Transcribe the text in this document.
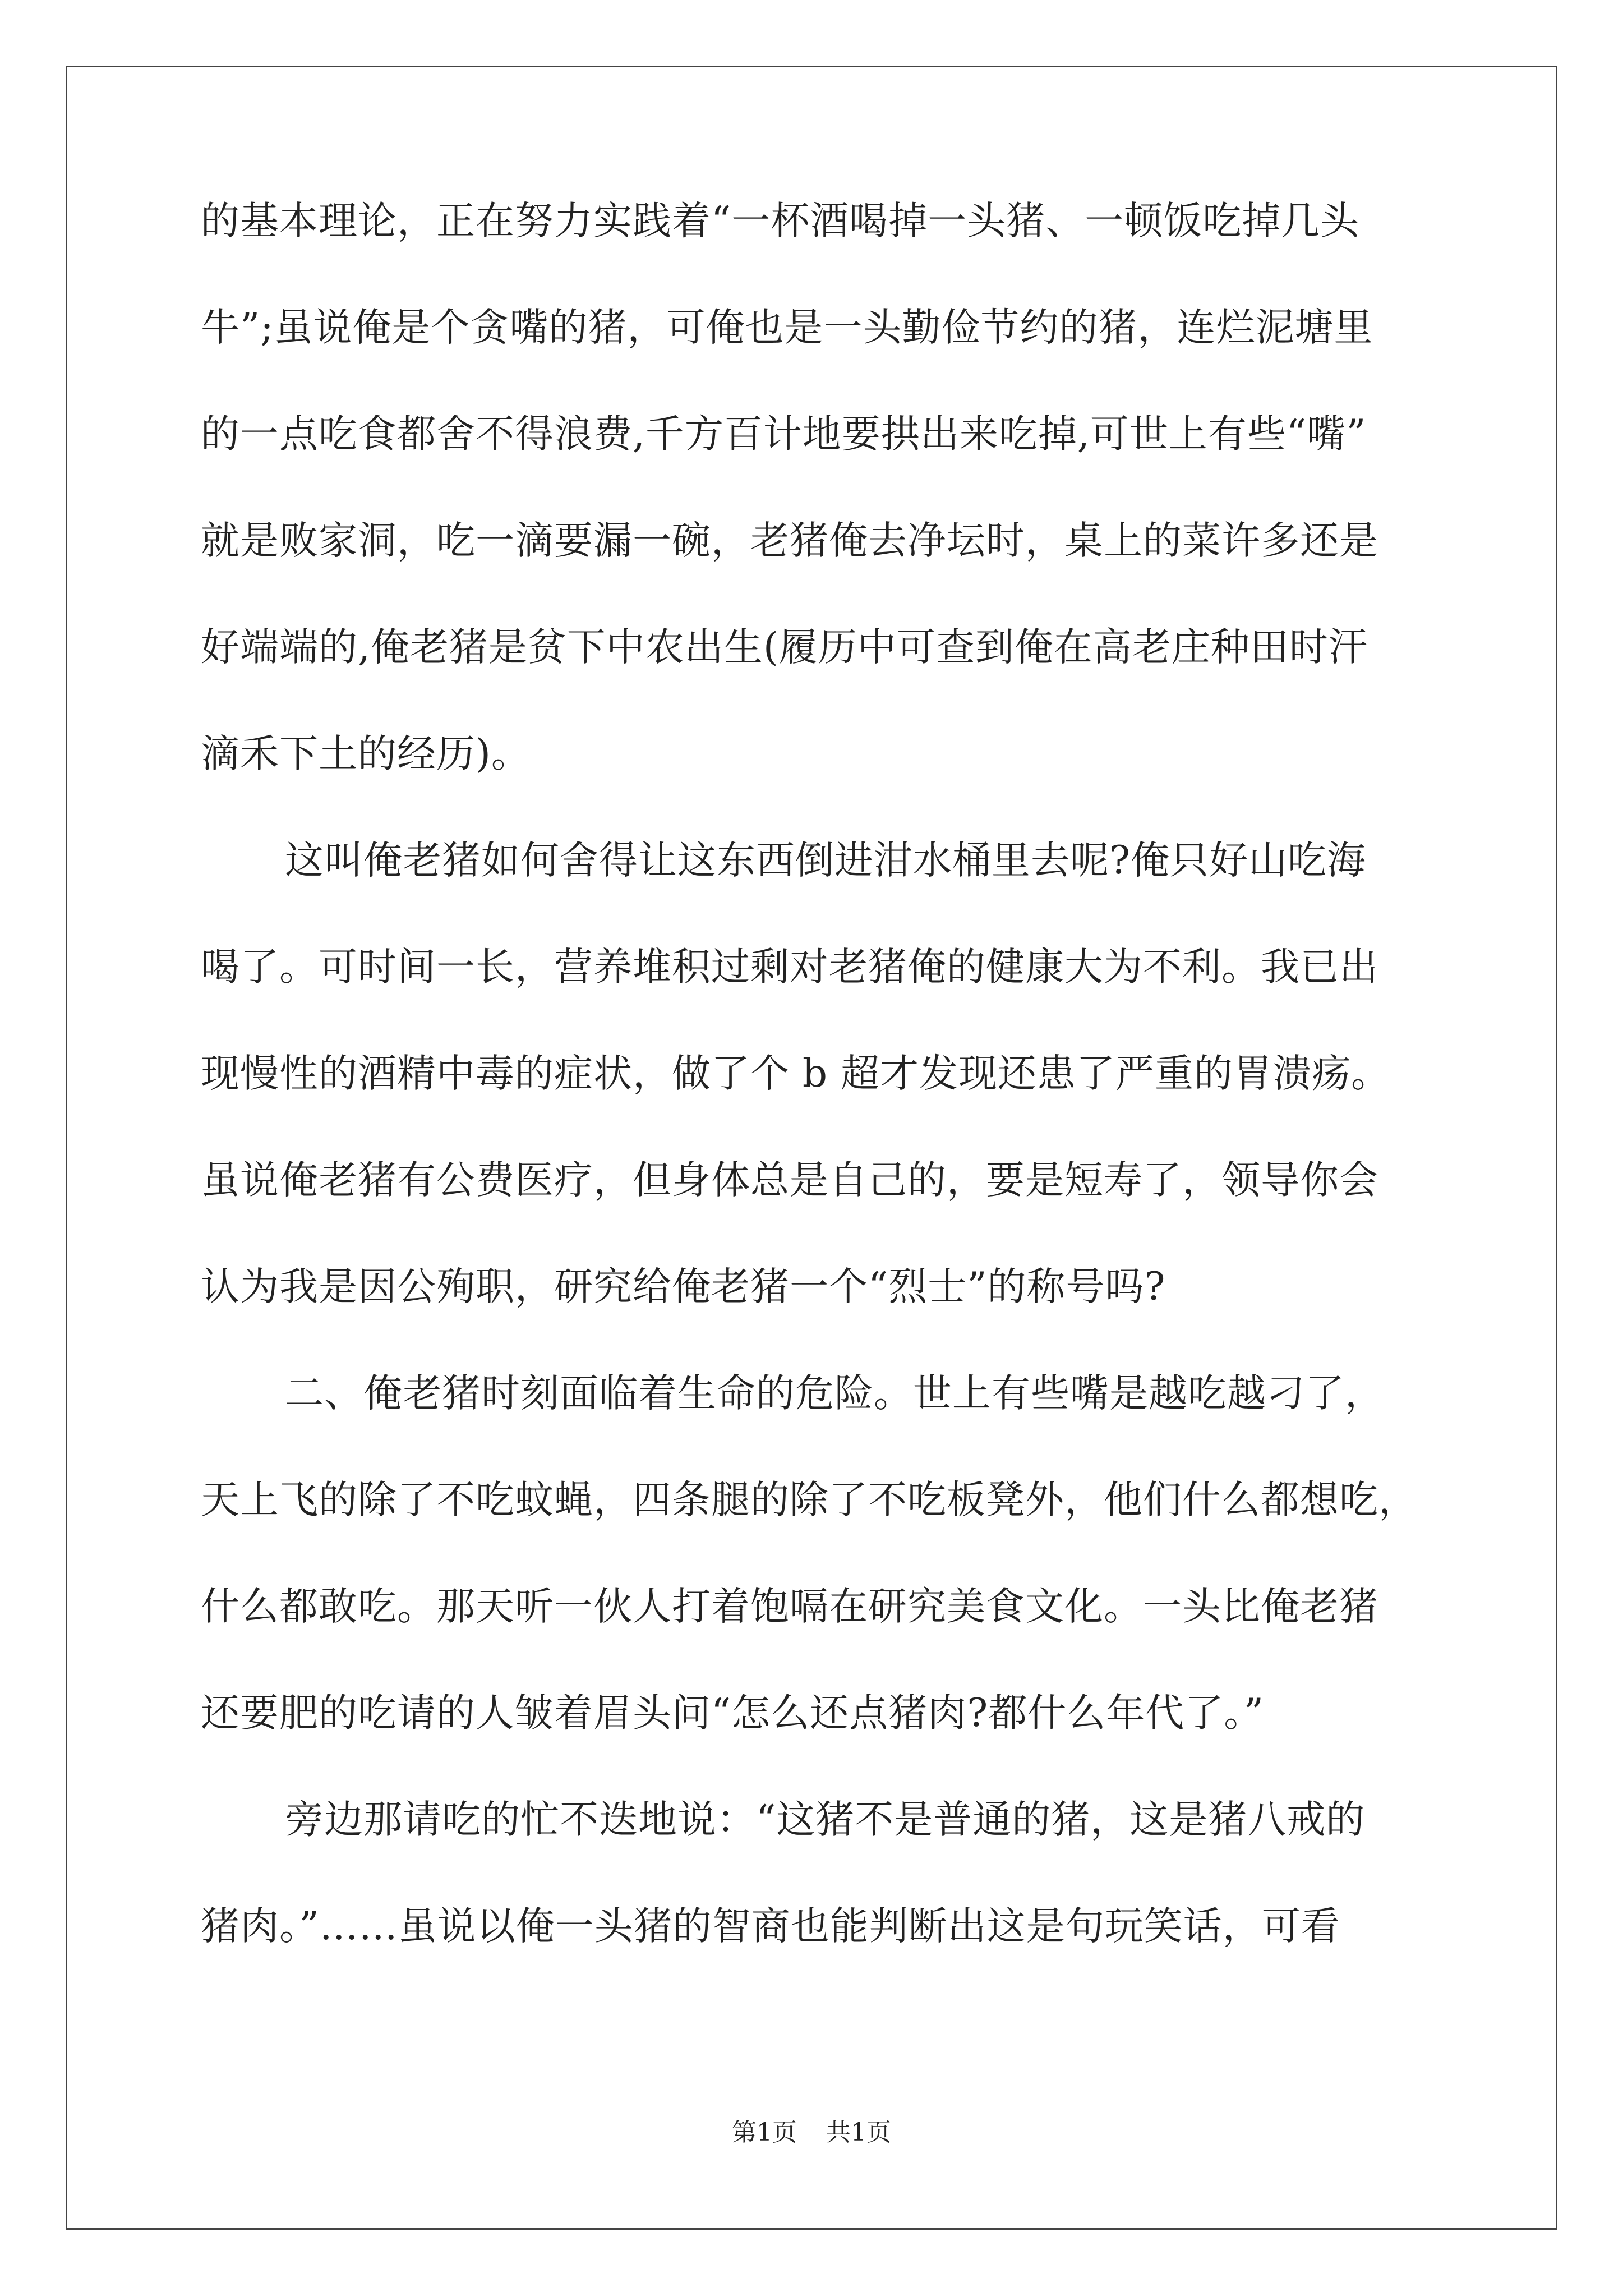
的基本理论，正在努力实践着“一杯酒喝掉一头猪、一顿饭吃掉几头
牛”;虽说俺是个贪嘴的猪，可俺也是一头勤俭节约的猪，连烂泥塘里
的一点吃食都舍不得浪费,千方百计地要拱出来吃掉,可世上有些“嘴”
就是败家洞，吃一滴要漏一碗，老猪俺去净坛时，桌上的菜许多还是
好端端的,俺老猪是贫下中农出生(履历中可查到俺在高老庄种田时汗
滴禾下土的经历)。
这叫俺老猪如何舍得让这东西倒进泔水桶里去呢?俺只好山吃海
喝了。可时间一长，营养堆积过剩对老猪俺的健康大为不利。我已出
现慢性的酒精中毒的症状，做了个 b 超才发现还患了严重的胃溃疡。
虽说俺老猪有公费医疗，但身体总是自己的，要是短寿了，领导你会
认为我是因公殉职，研究给俺老猪一个“烈士”的称号吗?
二、俺老猪时刻面临着生命的危险。世上有些嘴是越吃越刁了，
天上飞的除了不吃蚊蝇，四条腿的除了不吃板凳外，他们什么都想吃，
什么都敢吃。那天听一伙人打着饱嗝在研究美食文化。一头比俺老猪
还要肥的吃请的人皱着眉头问“怎么还点猪肉?都什么年代了。”
旁边那请吃的忙不迭地说：“这猪不是普通的猪，这是猪八戒的
猪肉。”……虽说以俺一头猪的智商也能判断出这是句玩笑话，可看
第1页 共1页
